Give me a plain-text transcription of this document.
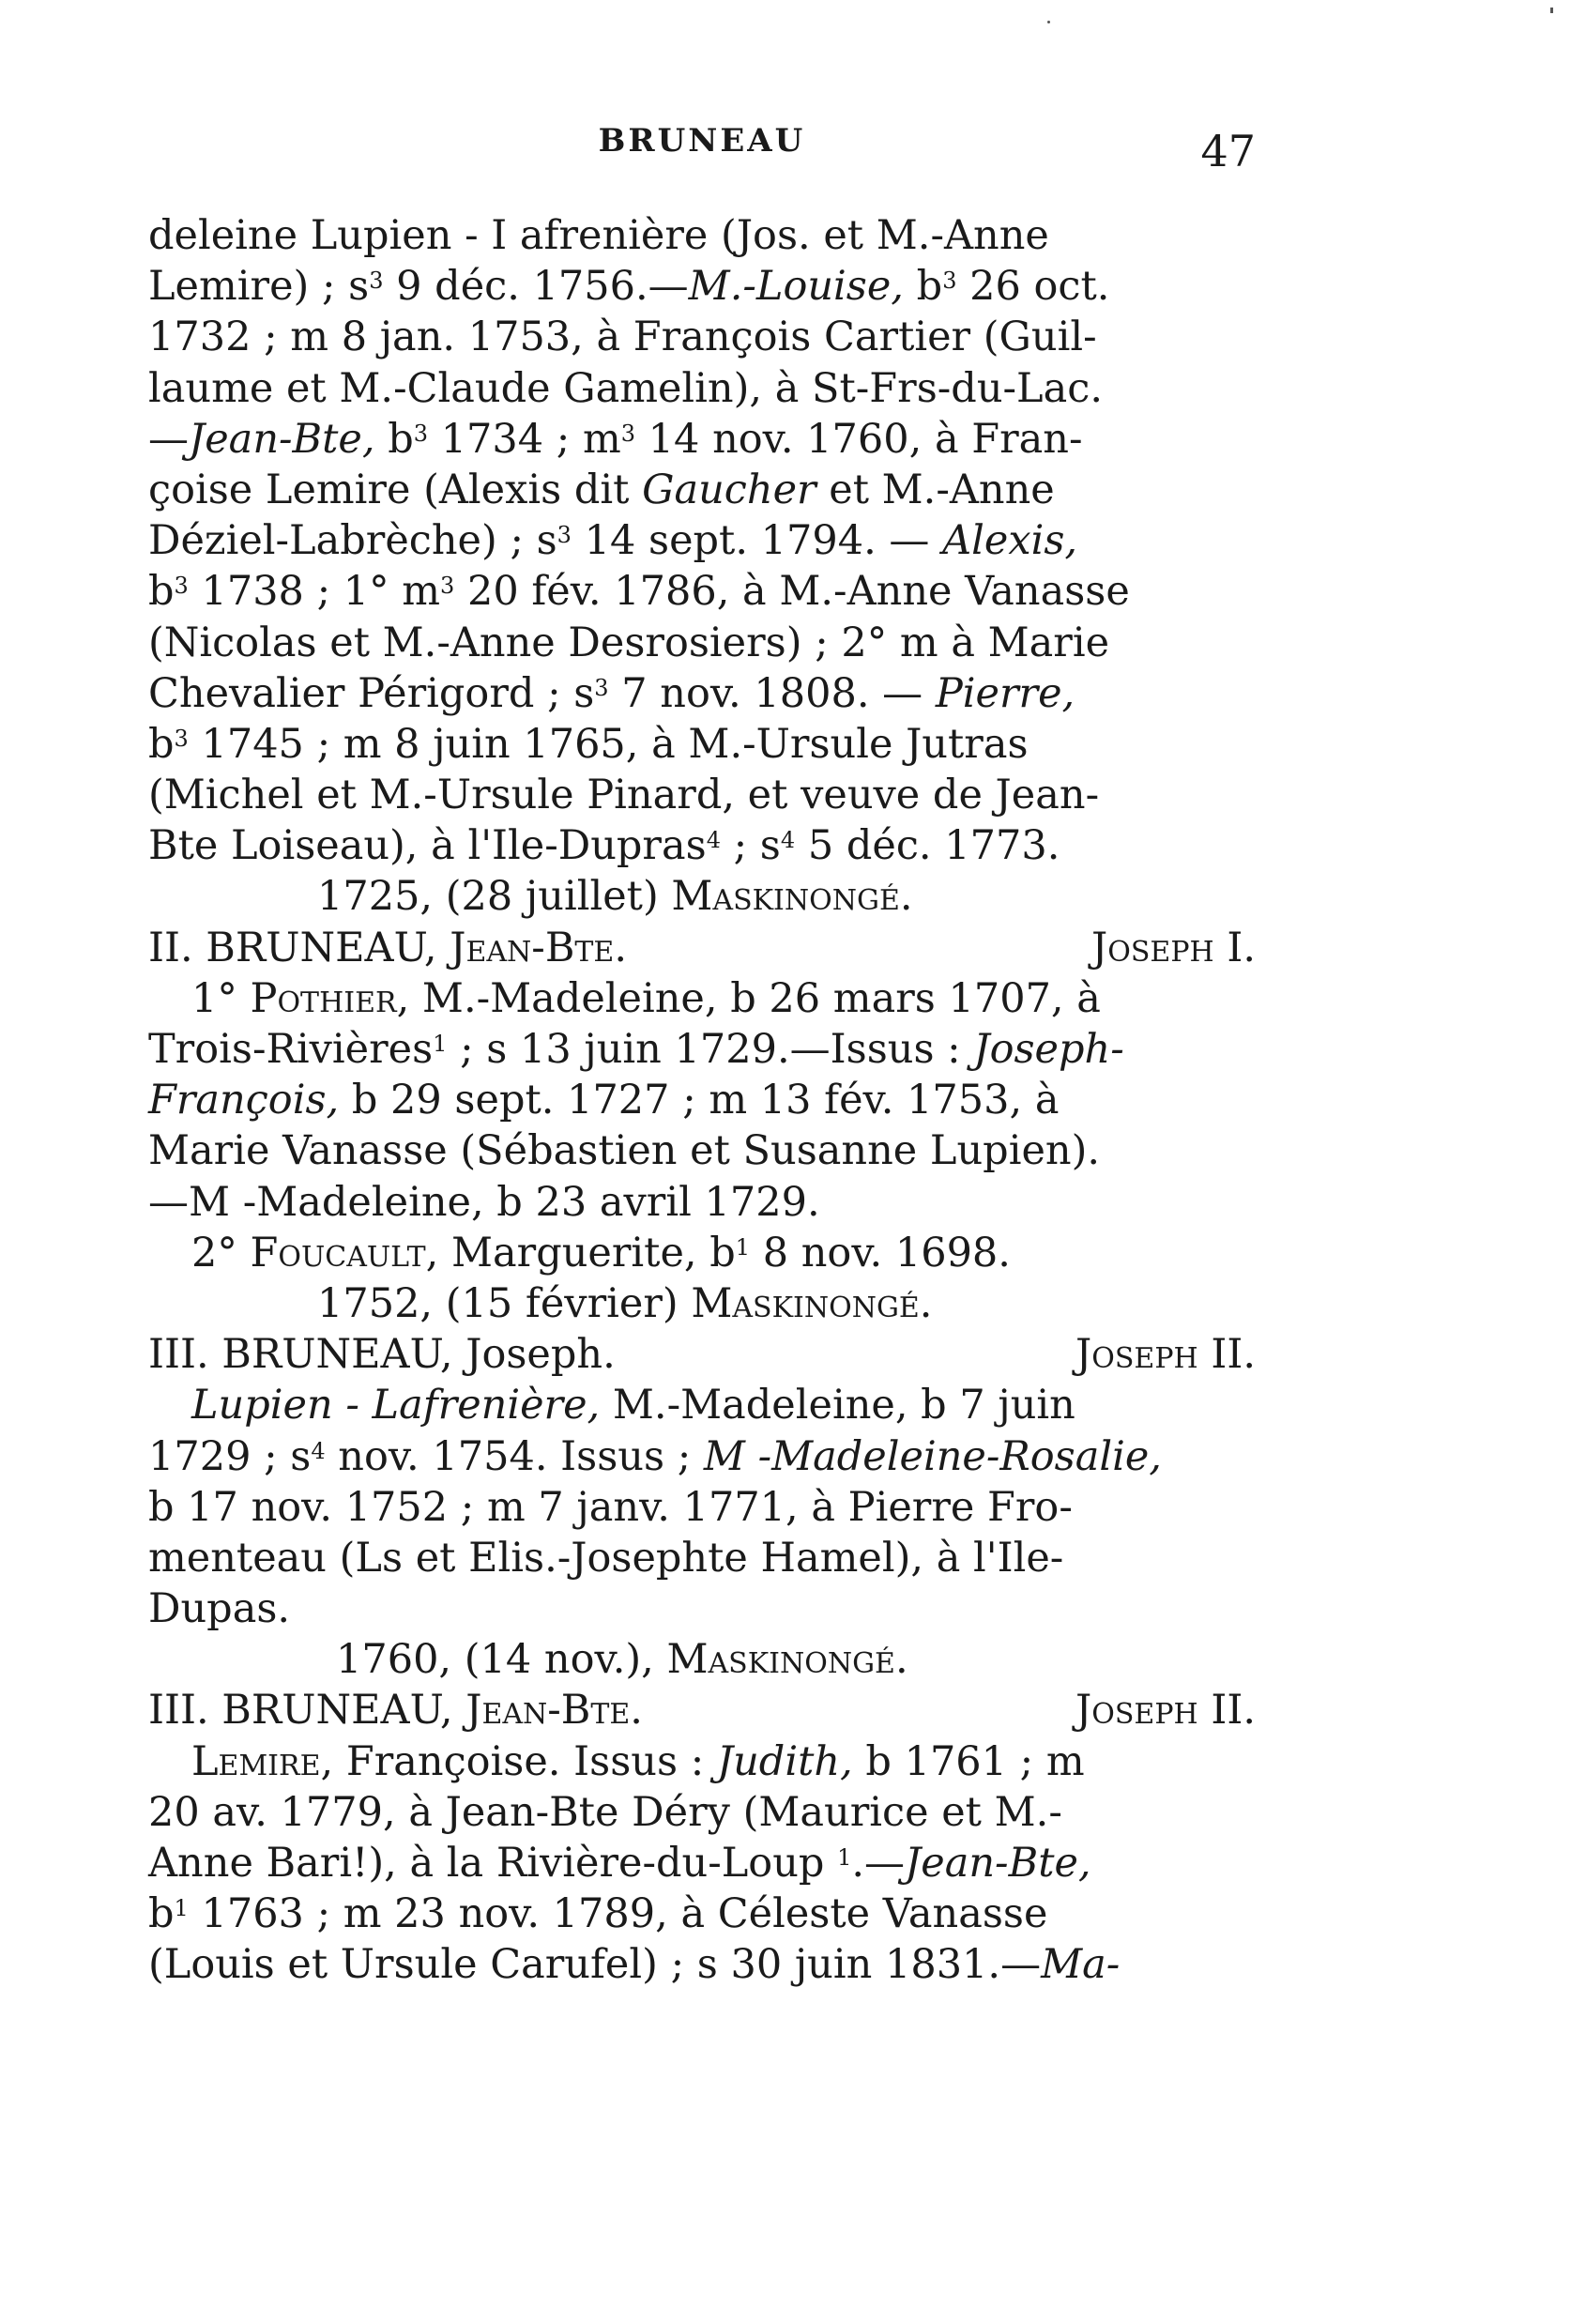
BRUNEAU	47
deleine Lupien - I afrenière (Jos. et M.-Anne
Lemire) ; $s^3$ 9 déc. 1756.—M.-Louise, $b^3$ 26 oct.
1732 ; m 8 jan. 1753, à François Cartier (Guil-
laume et M.-Claude Gamelin), à St-Frs-du-Lac.
—Jean-Bte, $b^3$ 1734 ; $m^3$ 14 nov. 1760, à Fran-
çoise Lemire (Alexis dit Gaucher et M.-Anne
Déziel-Labrèche) ; $s^3$ 14 sept. 1794. — Alexis,
$b^3$ 1738 ; 1° $m^3$ 20 fév. 1786, à M.-Anne Vanasse
(Nicolas et M.-Anne Desrosiers) ; 2° m à Marie
Chevalier Périgord ; $s^3$ 7 nov. 1808. — Pierre,
$b^3$ 1745 ; m 8 juin 1765, à M.-Ursule Jutras
(Michel et M.-Ursule Pinard, et veuve de Jean-
Bte Loiseau), à l'Ile-Dupras$^4$ ; $s^4$ 5 déc. 1773.
1725, (28 juillet) Maskinongé.
II. BRUNEAU, Jean-Bte.	Joseph I.
1° Pothier, M.-Madeleine, b 26 mars 1707, à
Trois-Rivières$^1$ ; s 13 juin 1729.—Issus : Joseph-
François, b 29 sept. 1727 ; m 13 fév. 1753, à
Marie Vanasse (Sébastien et Susanne Lupien).
—M -Madeleine, b 23 avril 1729.
2° Foucault, Marguerite, $b^1$ 8 nov. 1698.
1752, (15 février) Maskinongé.
III. BRUNEAU, Joseph.	Joseph II.
Lupien - Lafrenière, M.-Madeleine, b 7 juin
1729 ; $s^4$ nov. 1754. Issus ; M -Madeleine-Rosalie,
b 17 nov. 1752 ; m 7 janv. 1771, à Pierre Fro-
menteau (Ls et Elis.-Josephte Hamel), à l'Ile-
Dupas.
1760, (14 nov.), Maskinongé.
III. BRUNEAU, Jean-Bte.	Joseph II.
Lemire, Françoise. Issus : Judith, b 1761 ; m
20 av. 1779, à Jean-Bte Déry (Maurice et M.-
Anne Bari!), à la Rivière-du-Loup $^1$.—Jean-Bte,
$b^1$ 1763 ; m 23 nov. 1789, à Céleste Vanasse
(Louis et Ursule Carufel) ; s 30 juin 1831.—Ma-
